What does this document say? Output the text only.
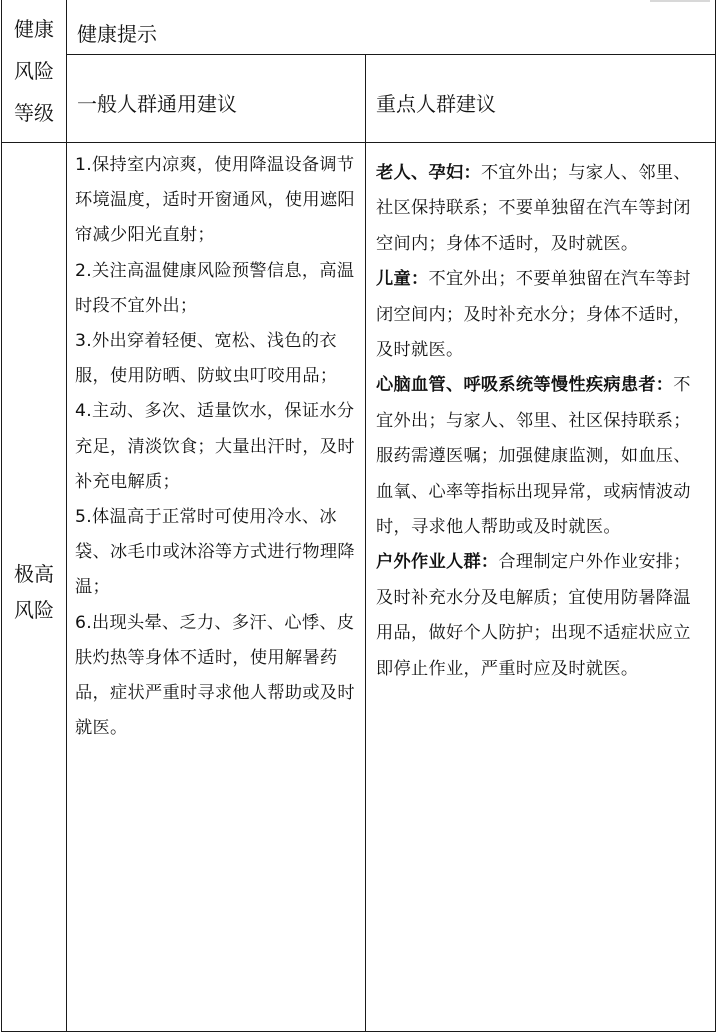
健康
风险
等级
健康提示
一般人群通用建议	重点人群建议
极高
风险

1.保持室内凉爽，使用降温设备调节环境温度，适时开窗通风，使用遮阳帘减少阳光直射；

2.关注高温健康风险预警信息，高温时段不宜外出；

3.外出穿着轻便、宽松、浅色的衣服，使用防晒、防蚊虫叮咬用品；

4.主动、多次、适量饮水，保证水分充足，清淡饮食；大量出汗时，及时补充电解质；

5.体温高于正常时可使用冷水、冰袋、冰毛巾或沐浴等方式进行物理降温；

6.出现头晕、乏力、多汗、心悸、皮肤灼热等身体不适时，使用解暑药品，症状严重时寻求他人帮助或及时就医。

老人、孕妇：不宜外出；与家人、邻里、社区保持联系；不要单独留在汽车等封闭空间内；身体不适时，及时就医。

儿童：不宜外出；不要单独留在汽车等封闭空间内；及时补充水分；身体不适时，及时就医。

心脑血管、呼吸系统等慢性疾病患者：不宜外出；与家人、邻里、社区保持联系；服药需遵医嘱；加强健康监测，如血压、血氧、心率等指标出现异常，或病情波动时，寻求他人帮助或及时就医。

户外作业人群：合理制定户外作业安排；及时补充水分及电解质；宜使用防暑降温用品，做好个人防护；出现不适症状应立即停止作业，严重时应及时就医。
